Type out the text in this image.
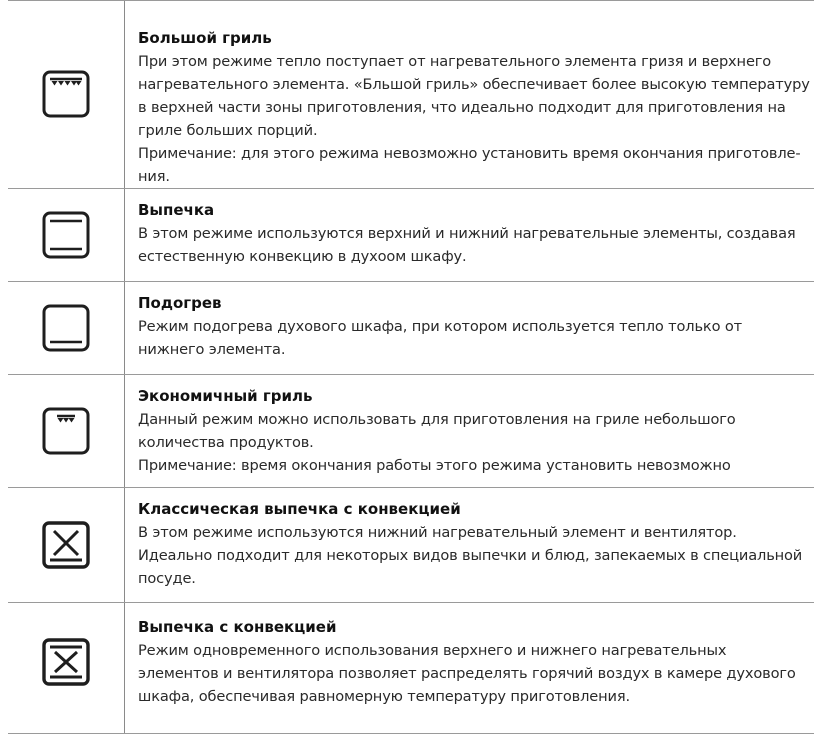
Большой гриль
При этом режиме тепло поступает от нагревательного элемента гризя и верхнего
нагревательного элемента. «Бльшой гриль» обеспечивает более высокую температуру
в верхней части зоны приготовления, что идеально подходит для приготовления на
гриле больших порций.
Примечание: для этого режима невозможно установить время окончания приготовле-
ния.
Выпечка
В этом режиме используются верхний и нижний нагревательные элементы, создавая
естественную конвекцию в духоом шкафу.
Подогрев
Режим подогрева духового шкафа, при котором используется тепло только от
нижнего элемента.
Экономичный гриль
Данный режим можно использовать для приготовления на гриле небольшого
количества продуктов.
Примечание: время окончания работы этого режима установить невозможно
Классическая выпечка с конвекцией
В этом режиме используются нижний нагревательный элемент и вентилятор.
Идеально подходит для некоторых видов выпечки и блюд, запекаемых в специальной
посуде.
Выпечка с конвекцией
Режим одновременного использования верхнего и нижнего нагревательных
элементов и вентилятора позволяет распределять горячий воздух в камере духового
шкафа, обеспечивая равномерную температуру приготовления.
